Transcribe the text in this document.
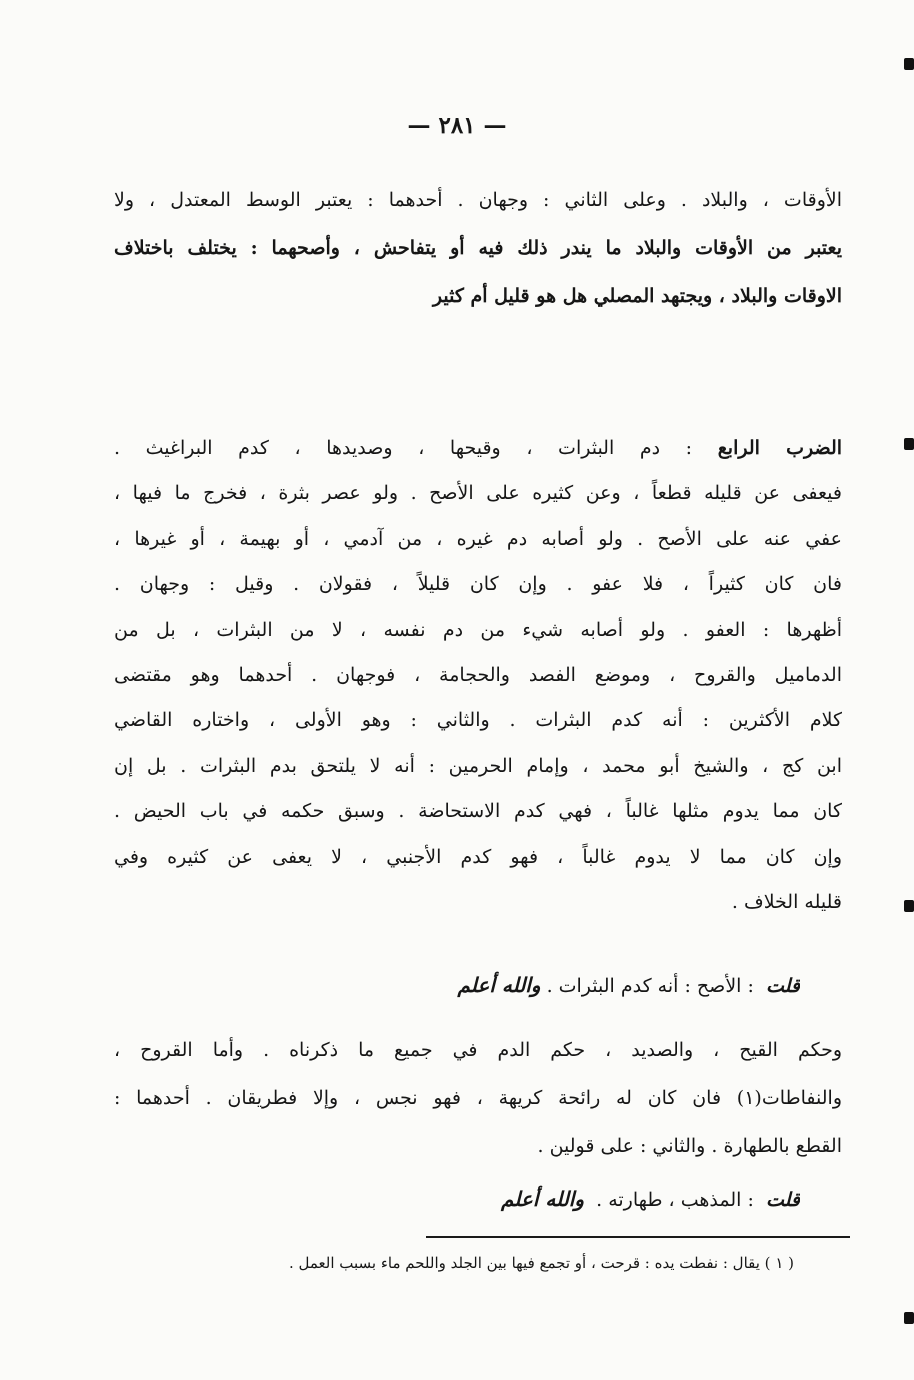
— ٢٨١ —
الأوقات ، والبلاد . وعلى الثاني : وجهان . أحدهما : يعتبر الوسط المعتدل ، ولا
يعتبر من الأوقات والبلاد ما يندر ذلك فيه أو يتفاحش ، وأصحهما : يختلف باختلاف
الاوقات والبلاد ، ويجتهد المصلي هل هو قليل أم كثير
الضرب الرابع : دم البثرات ، وقيحها ، وصديدها ، كدم البراغيث .
فيعفى عن قليله قطعاً ، وعن كثيره على الأصح . ولو عصر بثرة ، فخرج ما فيها ،
عفي عنه على الأصح . ولو أصابه دم غيره ، من آدمي ، أو بهيمة ، أو غيرها ،
فان كان كثيراً ، فلا عفو . وإن كان قليلاً ، فقولان . وقيل : وجهان .
أظهرها : العفو . ولو أصابه شيء من دم نفسه ، لا من البثرات ، بل من
الدماميل والقروح ، وموضع الفصد والحجامة ، فوجهان . أحدهما وهو مقتضى
كلام الأكثرين : أنه كدم البثرات . والثاني : وهو الأولى ، واختاره القاضي
ابن كج ، والشيخ أبو محمد ، وإمام الحرمين : أنه لا يلتحق بدم البثرات . بل إن
كان مما يدوم مثلها غالباً ، فهي كدم الاستحاضة . وسبق حكمه في باب الحيض .
وإن كان مما لا يدوم غالباً ، فهو كدم الأجنبي ، لا يعفى عن كثيره وفي
قليله الخلاف .
قلت  : الأصح : أنه كدم البثرات . والله أعلم
وحكم القيح ، والصديد ، حكم الدم في جميع ما ذكرناه . وأما القروح ،
والنفاطات(١) فان كان له رائحة كريهة ، فهو نجس ، وإلا فطريقان . أحدهما :
القطع بالطهارة . والثاني : على قولين .
قلت  : المذهب ، طهارته .  والله أعلم
( ١ ) يقال : نفطت يده : قرحت ، أو تجمع فيها بين الجلد واللحم ماء بسبب العمل .
